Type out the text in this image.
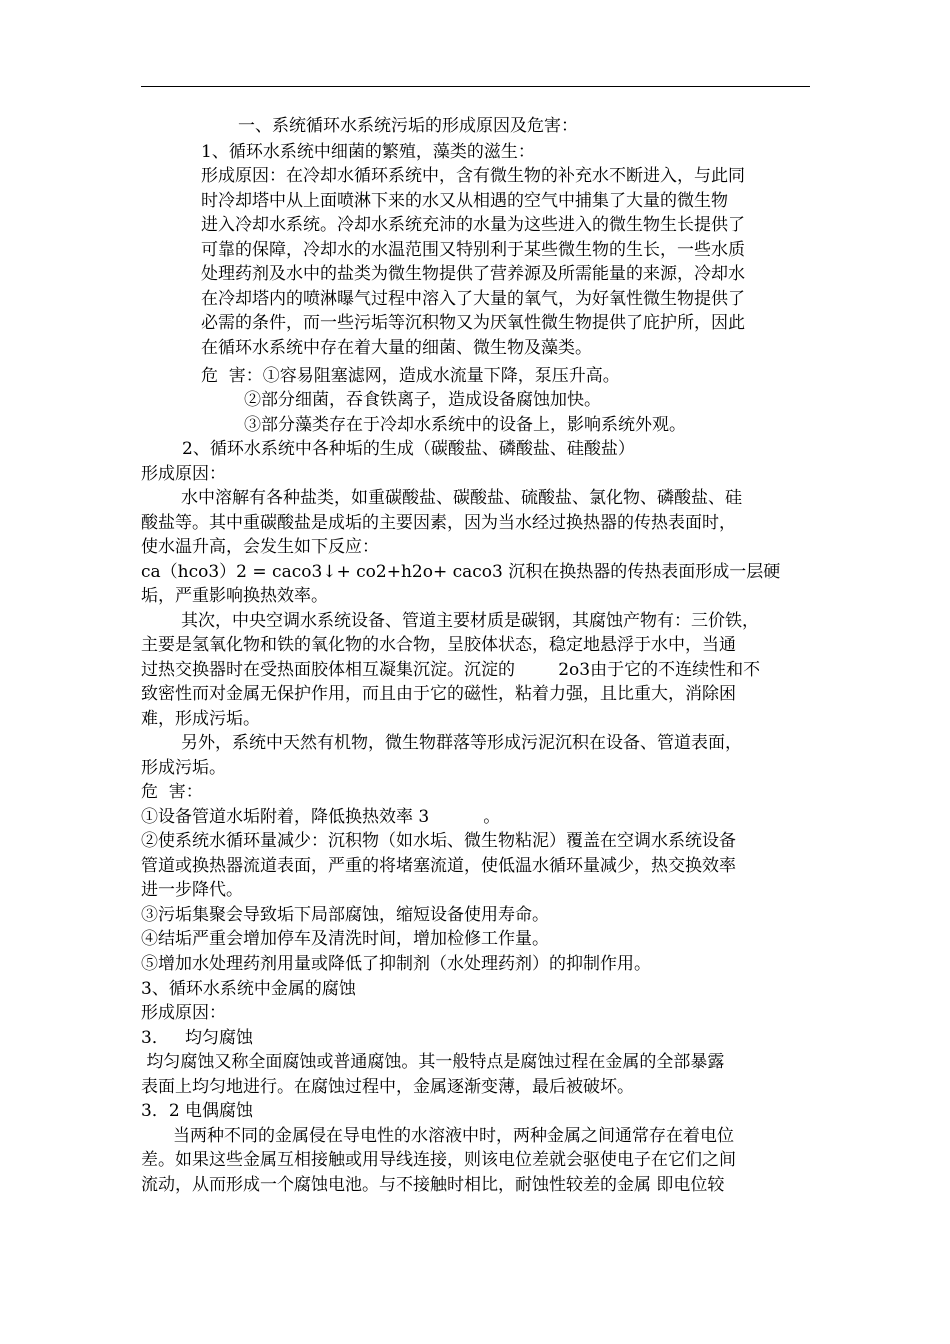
一、系统循环水系统污垢的形成原因及危害：
1、循环水系统中细菌的繁殖，藻类的滋生：
形成原因：在冷却水循环系统中，含有微生物的补充水不断进入，与此同
时冷却塔中从上面喷淋下来的水又从相遇的空气中捕集了大量的微生物
进入冷却水系统。冷却水系统充沛的水量为这些进入的微生物生长提供了
可靠的保障，冷却水的水温范围又特别利于某些微生物的生长，一些水质
处理药剂及水中的盐类为微生物提供了营养源及所需能量的来源，冷却水
在冷却塔内的喷淋曝气过程中溶入了大量的氧气，为好氧性微生物提供了
必需的条件，而一些污垢等沉积物又为厌氧性微生物提供了庇护所，因此
在循环水系统中存在着大量的细菌、微生物及藻类。
危  害：①容易阻塞滤网，造成水流量下降，泵压升高。
②部分细菌，吞食铁离子，造成设备腐蚀加快。
③部分藻类存在于冷却水系统中的设备上，影响系统外观。
2、循环水系统中各种垢的生成（碳酸盐、磷酸盐、硅酸盐）
形成原因：
水中溶解有各种盐类，如重碳酸盐、碳酸盐、硫酸盐、氯化物、磷酸盐、硅
酸盐等。其中重碳酸盐是成垢的主要因素，因为当水经过换热器的传热表面时，
使水温升高，会发生如下反应：
ca（hco3）2 = caco3↓+ co2+h2o+ caco3 沉积在换热器的传热表面形成一层硬
垢，严重影响换热效率。
其次，中央空调水系统设备、管道主要材质是碳钢，其腐蚀产物有：三价铁，
主要是氢氧化物和铁的氧化物的水合物，呈胶体状态，稳定地悬浮于水中，当通
过热交换器时在受热面胶体相互凝集沉淀。沉淀的        2o3由于它的不连续性和不
致密性而对金属无保护作用，而且由于它的磁性，粘着力强，且比重大，消除困
难，形成污垢。
另外，系统中天然有机物，微生物群落等形成污泥沉积在设备、管道表面，
形成污垢。
危  害：
①设备管道水垢附着，降低换热效率 3          。
②使系统水循环量减少：沉积物（如水垢、微生物粘泥）覆盖在空调水系统设备
管道或换热器流道表面，严重的将堵塞流道，使低温水循环量减少，热交换效率
进一步降代。
③污垢集聚会导致垢下局部腐蚀，缩短设备使用寿命。
④结垢严重会增加停车及清洗时间，增加检修工作量。
⑤增加水处理药剂用量或降低了抑制剂（水处理药剂）的抑制作用。
3、循环水系统中金属的腐蚀
形成原因：
3．   均匀腐蚀
均匀腐蚀又称全面腐蚀或普通腐蚀。其一般特点是腐蚀过程在金属的全部暴露
表面上均匀地进行。在腐蚀过程中，金属逐渐变薄，最后被破坏。
3．2 电偶腐蚀
当两种不同的金属侵在导电性的水溶液中时，两种金属之间通常存在着电位
差。如果这些金属互相接触或用导线连接，则该电位差就会驱使电子在它们之间
流动，从而形成一个腐蚀电池。与不接触时相比，耐蚀性较差的金属 即电位较
